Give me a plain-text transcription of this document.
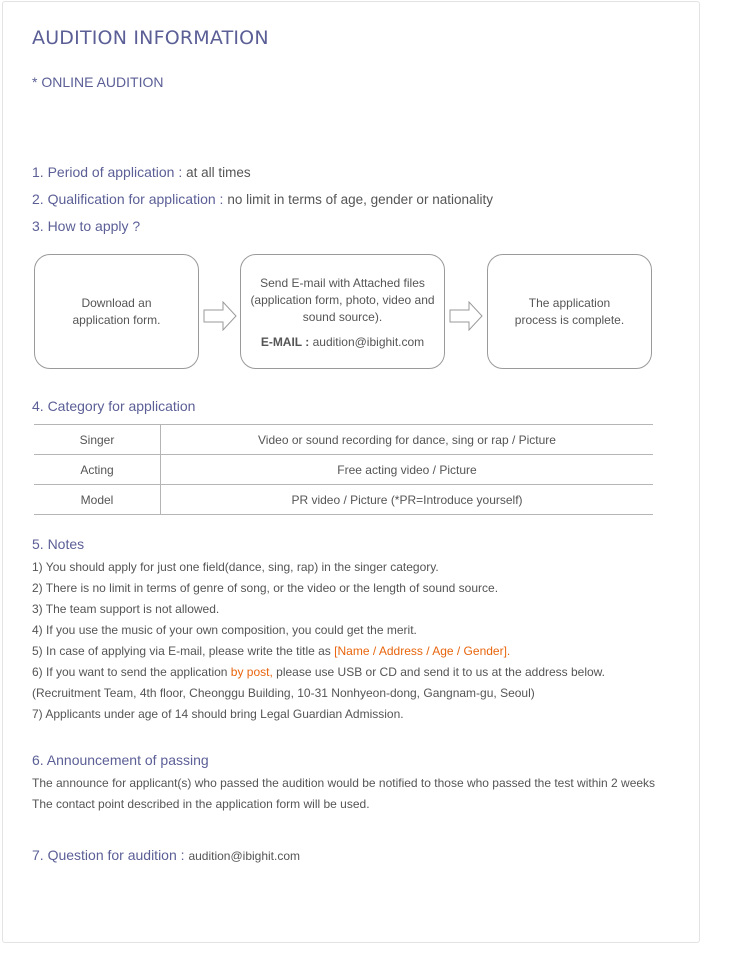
AUDITION INFORMATION
* ONLINE AUDITION
1. Period of application : at all times
2. Qualification for application : no limit in terms of age, gender or nationality
3. How to apply ?
Download an
application form.
Send E-mail with Attached files
(application form, photo, video and
sound source).
E-MAIL : audition@ibighit.com
The application
process is complete.
4. Category for application
Singer	Video or sound recording for dance, sing or rap / Picture
Acting	Free acting video / Picture
Model	PR video / Picture (*PR=Introduce yourself)
5. Notes
1) You should apply for just one field(dance, sing, rap) in the singer category.
2) There is no limit in terms of genre of song, or the video or the length of sound source.
3) The team support is not allowed.
4) If you use the music of your own composition, you could get the merit.
5) In case of applying via E-mail, please write the title as [Name / Address / Age / Gender].
6) If you want to send the application by post, please use USB or CD and send it to us at the address below.
(Recruitment Team, 4th floor, Cheonggu Building, 10-31 Nonhyeon-dong, Gangnam-gu, Seoul)
7) Applicants under age of 14 should bring Legal Guardian Admission.
6. Announcement of passing
The announce for applicant(s) who passed the audition would be notified to those who passed the test within 2 weeks
The contact point described in the application form will be used.
7. Question for audition : audition@ibighit.com
